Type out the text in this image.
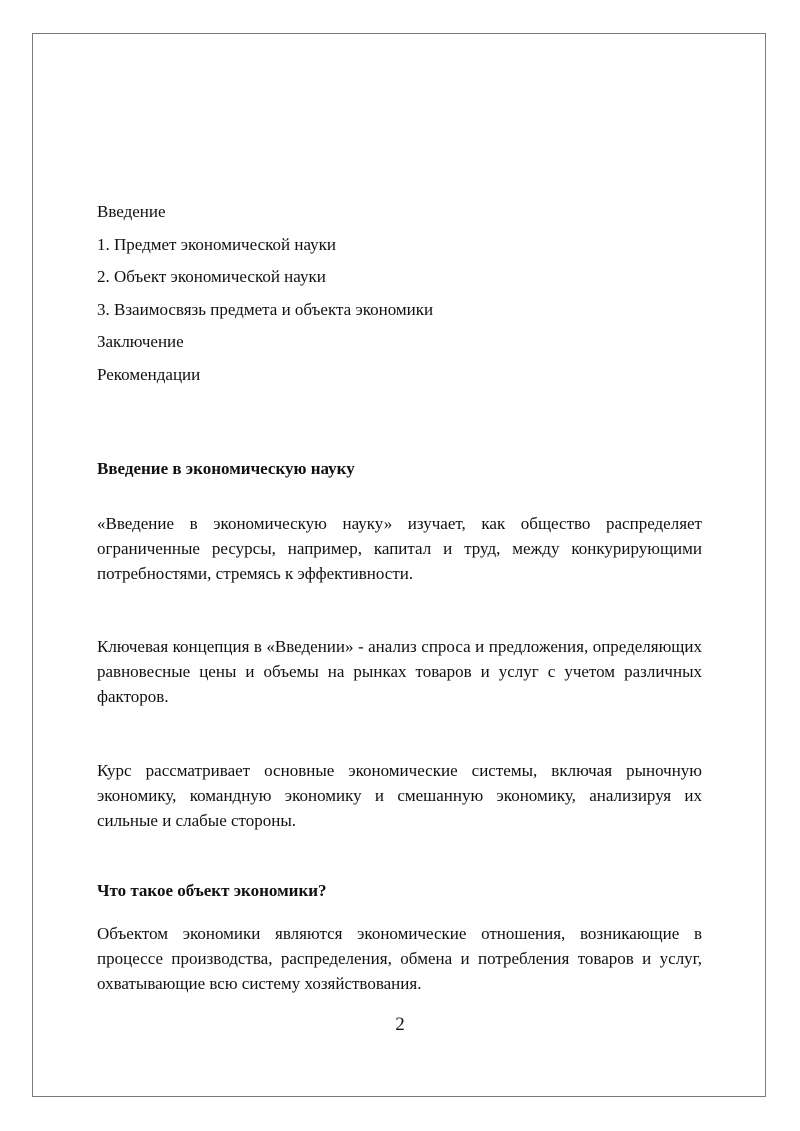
Введение
1. Предмет экономической науки
2. Объект экономической науки
3. Взаимосвязь предмета и объекта экономики
Заключение
Рекомендации
Введение в экономическую науку
«Введение в экономическую науку» изучает, как общество распределяет ограниченные ресурсы, например, капитал и труд, между конкурирующими потребностями, стремясь к эффективности.
Ключевая концепция в «Введении» - анализ спроса и предложения, определяющих равновесные цены и объемы на рынках товаров и услуг с учетом различных факторов.
Курс рассматривает основные экономические системы, включая рыночную экономику, командную экономику и смешанную экономику, анализируя их сильные и слабые стороны.
Что такое объект экономики?
Объектом экономики являются экономические отношения, возникающие в процессе производства, распределения, обмена и потребления товаров и услуг, охватывающие всю систему хозяйствования.
2
